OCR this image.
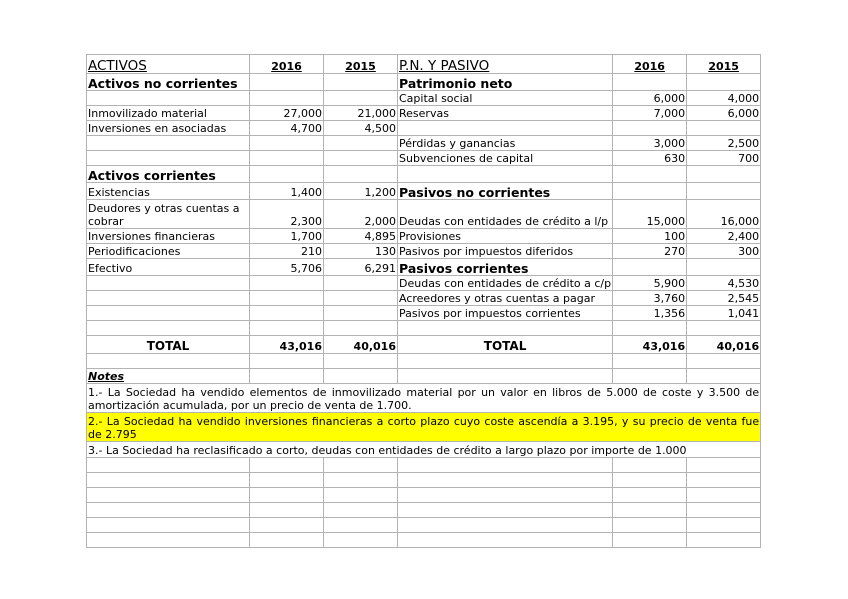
ACTIVOS	2016	2015	P.N. Y PASIVO	2016	2015
Activos no corrientes			Patrimonio neto		
			Capital social	6,000	4,000
Inmovilizado material	27,000	21,000	Reservas	7,000	6,000
Inversiones en asociadas	4,700	4,500			
			Pérdidas y ganancias	3,000	2,500
			Subvenciones de capital	630	700
Activos corrientes					
Existencias	1,400	1,200	Pasivos no corrientes		
Deudores y otras cuentas a cobrar	2,300	2,000	Deudas con entidades de crédito a l/p	15,000	16,000
Inversiones financieras	1,700	4,895	Provisiones	100	2,400
Periodificaciones	210	130	Pasivos por impuestos diferidos	270	300
Efectivo	5,706	6,291	Pasivos corrientes		
			Deudas con entidades de crédito a c/p	5,900	4,530
			Acreedores y otras cuentas a pagar	3,760	2,545
			Pasivos por impuestos corrientes	1,356	1,041

TOTAL	43,016	40,016	TOTAL	43,016	40,016

Notes					
1.- La Sociedad ha vendido elementos de inmovilizado material por un valor en libros de 5.000 de coste y 3.500 de amortización acumulada, por un precio de venta de 1.700.					
2.- La Sociedad ha vendido inversiones financieras a corto plazo cuyo coste ascendía a 3.195, y su precio de venta fue de 2.795					
3.- La Sociedad ha reclasificado a corto, deudas con entidades de crédito a largo plazo por importe de 1.000					
